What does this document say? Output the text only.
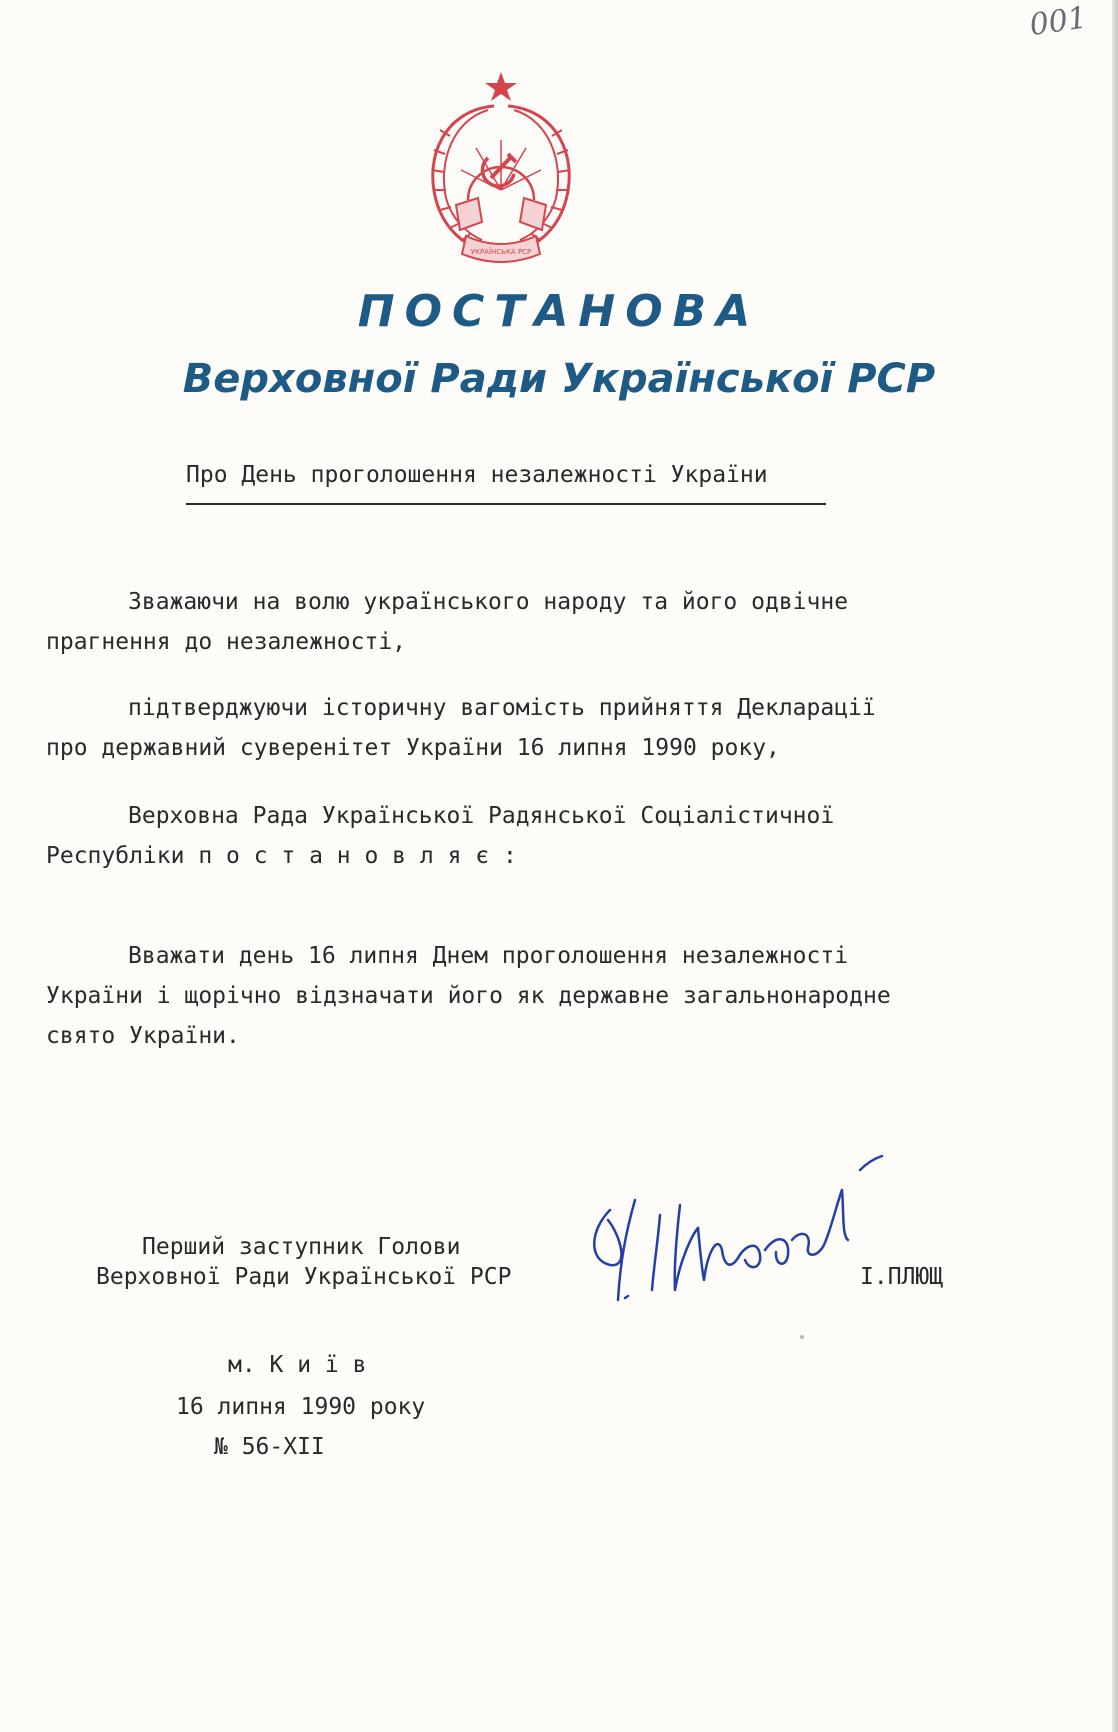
001
УКРАЇНСЬКА РСР
ПОСТАНОВА
Верховної Ради Української РСР
Про День проголошення незалежності України
Зважаючи на волю українського народу та його одвічне
прагнення до незалежності,
підтверджуючи історичну вагомість прийняття Декларації
про державний суверенітет України 16 липня 1990 року,
Верховна Рада Української Радянської Соціалістичної
Республіки п о с т а н о в л я є :
Вважати день 16 липня Днем проголошення незалежності
України і щорічно відзначати його як державне загальнонародне
свято України.
Перший заступник Голови
Верховної Ради Української РСР	І.ПЛЮЩ
м. К и ї в
16 липня 1990 року
№ 56-XII
